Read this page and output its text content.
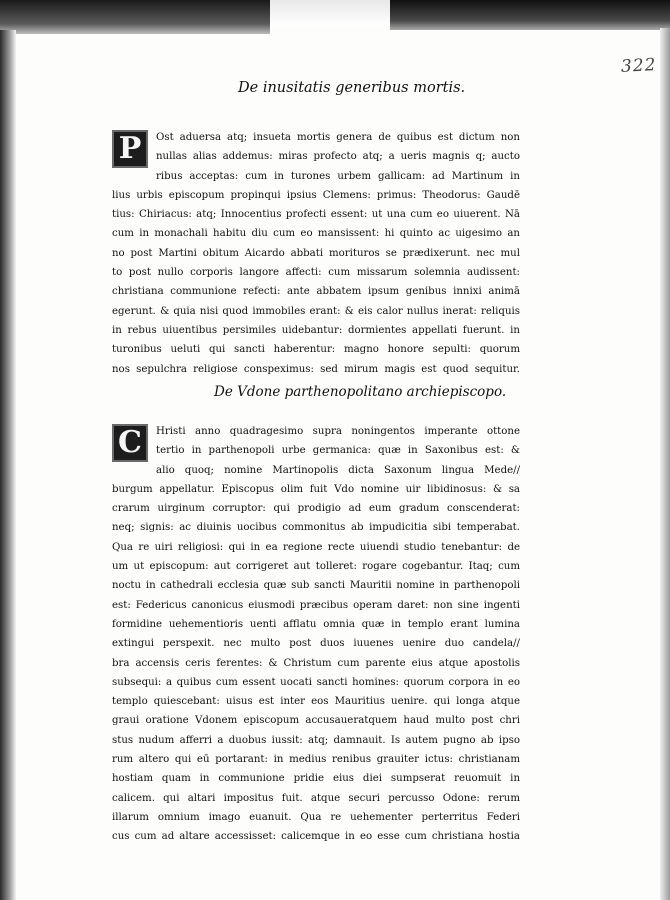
322
De inusitatis generibus mortis.
P	Ost aduersa atq; insueta mortis genera de quibus est dictum non
nullas alias addemus: miras profecto atq; a ueris magnis q; aucto
ribus acceptas: cum in turones urbem gallicam: ad Martinum in
lius urbis episcopum propinqui ipsius Clemens: primus: Theodorus: Gaudē
tius: Chiriacus: atq; Innocentius profecti essent: ut una cum eo uiuerent. Nā
cum in monachali habitu diu cum eo mansissent: hi quinto ac uigesimo an
no post Martini obitum Aicardo abbati morituros se prædixerunt. nec mul
to post nullo corporis langore affecti: cum missarum solemnia audissent:
christiana communione refecti: ante abbatem ipsum genibus innixi animā
egerunt. & quia nisi quod immobiles erant: & eis calor nullus inerat: reliquis
in rebus uiuentibus persimiles uidebantur: dormientes appellati fuerunt. in
turonibus ueluti qui sancti haberentur: magno honore sepulti: quorum
nos sepulchra religiose conspeximus: sed mirum magis est quod sequitur.
De Vdone parthenopolitano archiepiscopo.
C	Hristi anno quadragesimo supra noningentos imperante ottone
tertio in parthenopoli urbe germanica: quæ in Saxonibus est: &
alio quoq; nomine Martinopolis dicta Saxonum lingua Mede//
burgum appellatur. Episcopus olim fuit Vdo nomine uir libidinosus: & sa
crarum uirginum corruptor: qui prodigio ad eum gradum conscenderat:
neq; signis: ac diuinis uocibus commonitus ab impudicitia sibi temperabat.
Qua re uiri religiosi: qui in ea regione recte uiuendi studio tenebantur: de
um ut episcopum: aut corrigeret aut tolleret: rogare cogebantur. Itaq; cum
noctu in cathedrali ecclesia quæ sub sancti Mauritii nomine in parthenopoli
est: Federicus canonicus eiusmodi præcibus operam daret: non sine ingenti
formidine uehementioris uenti afflatu omnia quæ in templo erant lumina
extingui perspexit. nec multo post duos iuuenes uenire duo candela//
bra accensis ceris ferentes: & Christum cum parente eius atque apostolis
subsequi: a quibus cum essent uocati sancti homines: quorum corpora in eo
templo quiescebant: uisus est inter eos Mauritius uenire. qui longa atque
graui oratione Vdonem episcopum accusaueratquem haud multo post chri
stus nudum afferri a duobus iussit: atq; damnauit. Is autem pugno ab ipso
rum altero qui eū portarant: in medius renibus grauiter ictus: christianam
hostiam quam in communione pridie eius diei sumpserat reuomuit in
calicem. qui altari impositus fuit. atque securi percusso Odone: rerum
illarum omnium imago euanuit. Qua re uehementer perterritus Federi
cus cum ad altare accessisset: calicemque in eo esse cum christiana hostia
